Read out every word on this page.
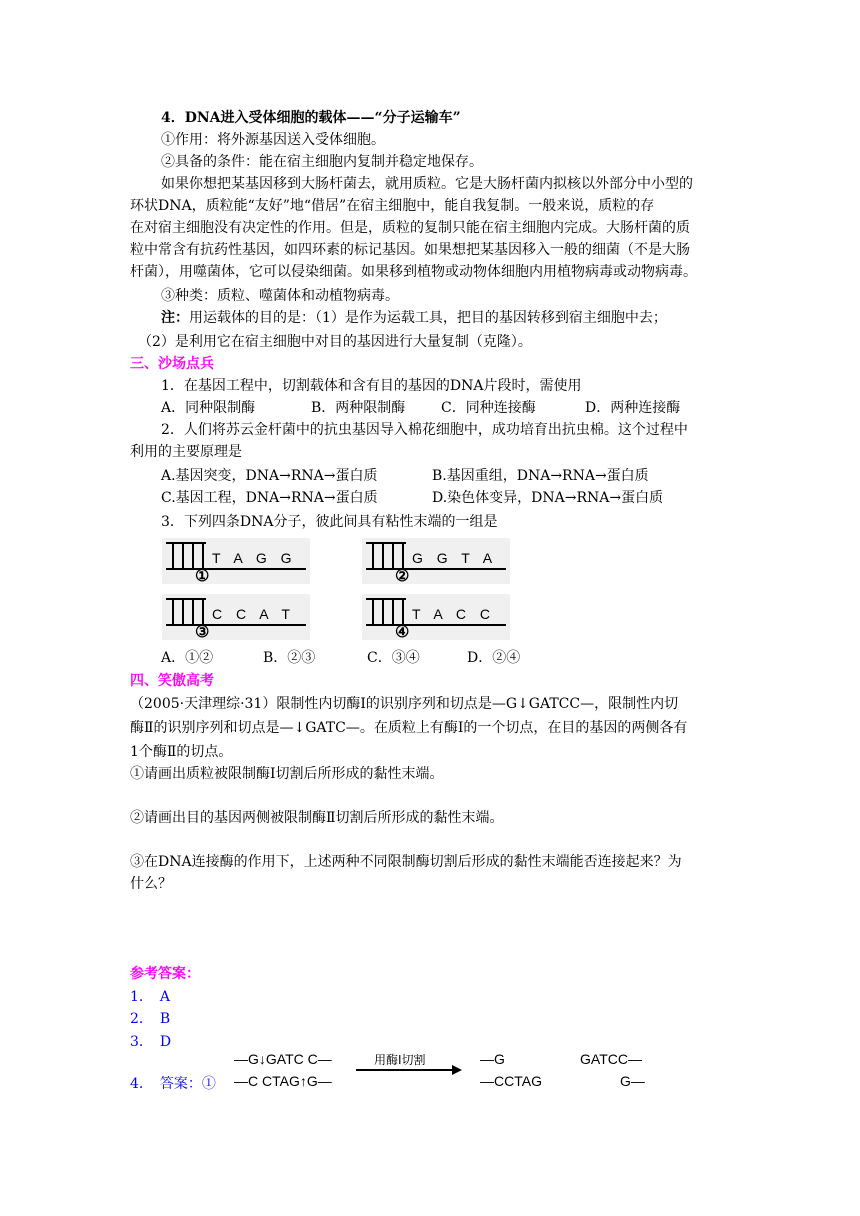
4．DNA进入受体细胞的载体——“分子运输车”
①作用：将外源基因送入受体细胞。
②具备的条件：能在宿主细胞内复制并稳定地保存。
如果你想把某基因移到大肠杆菌去，就用质粒。它是大肠杆菌内拟核以外部分中小型的
环状DNA，质粒能“友好”地“借居”在宿主细胞中，能自我复制。一般来说，质粒的存
在对宿主细胞没有决定性的作用。但是，质粒的复制只能在宿主细胞内完成。大肠杆菌的质
粒中常含有抗药性基因，如四环素的标记基因。如果想把某基因移入一般的细菌（不是大肠
杆菌），用噬菌体，它可以侵染细菌。如果移到植物或动物体细胞内用植物病毒或动物病毒。
③种类：质粒、噬菌体和动植物病毒。
注：用运载体的目的是：（1）是作为运载工具，把目的基因转移到宿主细胞中去；
（2）是利用它在宿主细胞中对目的基因进行大量复制（克隆）。
三、沙场点兵
1．在基因工程中，切割载体和含有目的基因的DNA片段时，需使用
A．同种限制酶	B．两种限制酶	C．同种连接酶	D．两种连接酶
2．人们将苏云金杆菌中的抗虫基因导入棉花细胞中，成功培育出抗虫棉。这个过程中
利用的主要原理是
A.基因突变，DNA→RNA→蛋白质	B.基因重组，DNA→RNA→蛋白质
C.基因工程，DNA→RNA→蛋白质	D.染色体变异，DNA→RNA→蛋白质
3．下列四条DNA分子，彼此间具有粘性末端的一组是
T A G G
①
G G T A
②
C C A T
③
T A C C
④
A．①②	B．②③	C．③④	D．②④
四、笑傲高考
（2005·天津理综·31）限制性内切酶Ⅰ的识别序列和切点是—G↓GATCC—，限制性内切
酶Ⅱ的识别序列和切点是—↓GATC—。在质粒上有酶Ⅰ的一个切点，在目的基因的两侧各有
1个酶Ⅱ的切点。
①请画出质粒被限制酶Ⅰ切割后所形成的黏性末端。
②请画出目的基因两侧被限制酶Ⅱ切割后所形成的黏性末端。
③在DNA连接酶的作用下，上述两种不同限制酶切割后形成的黏性末端能否连接起来？为
什么？
参考答案：
1．　A
2．　B
3．　D
4．　答案：①
—G↓GATC C—
—C CTAG↑G—
用酶Ⅰ切割	—G	GATCC—
—CCTAG	G—
